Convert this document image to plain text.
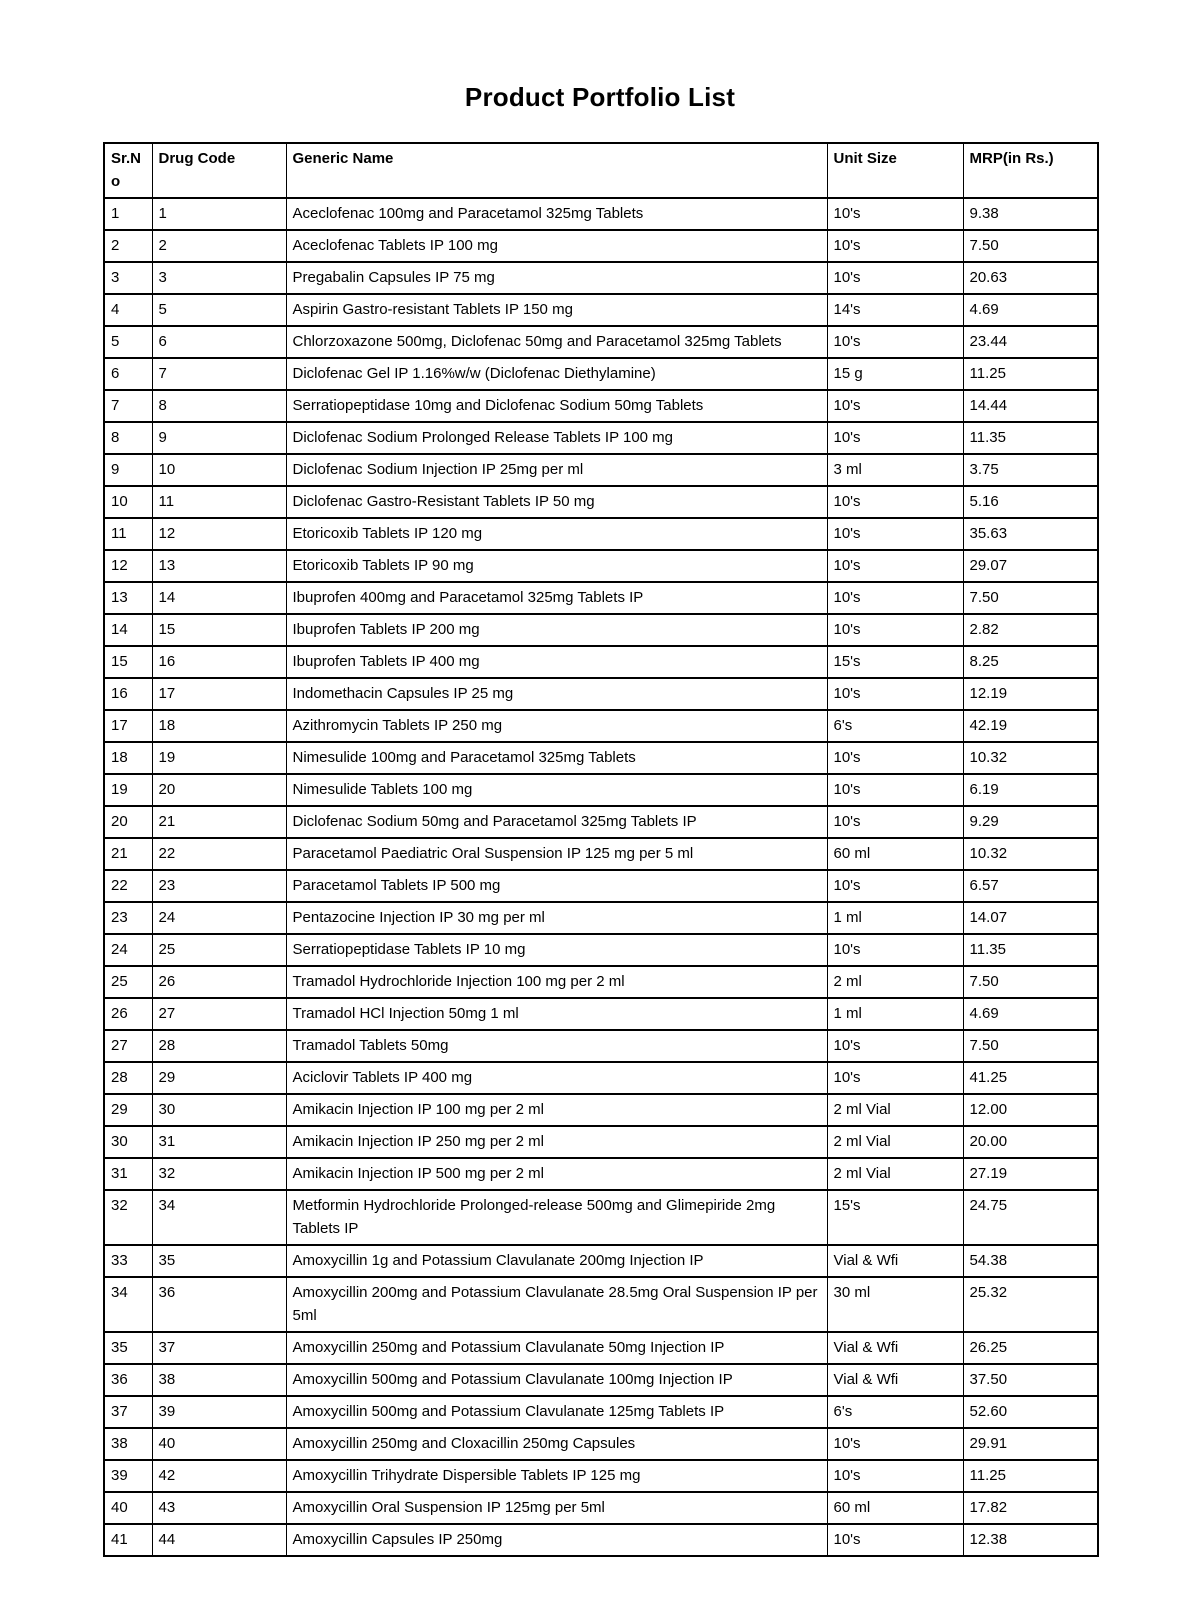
Product Portfolio List
Sr.No	Drug Code	Generic Name	Unit Size	MRP(in Rs.)
1	1	Aceclofenac 100mg and Paracetamol 325mg Tablets	10's	9.38
2	2	Aceclofenac Tablets IP 100 mg	10's	7.50
3	3	Pregabalin Capsules IP 75 mg	10's	20.63
4	5	Aspirin Gastro-resistant Tablets IP 150 mg	14's	4.69
5	6	Chlorzoxazone 500mg, Diclofenac 50mg and Paracetamol 325mg Tablets	10's	23.44
6	7	Diclofenac Gel IP 1.16%w/w (Diclofenac Diethylamine)	15 g	11.25
7	8	Serratiopeptidase 10mg and Diclofenac Sodium 50mg Tablets	10's	14.44
8	9	Diclofenac Sodium Prolonged Release Tablets IP 100 mg	10's	11.35
9	10	Diclofenac Sodium Injection IP 25mg per ml	3 ml	3.75
10	11	Diclofenac Gastro-Resistant Tablets IP 50 mg	10's	5.16
11	12	Etoricoxib Tablets IP 120 mg	10's	35.63
12	13	Etoricoxib Tablets IP 90 mg	10's	29.07
13	14	Ibuprofen 400mg and Paracetamol 325mg Tablets IP	10's	7.50
14	15	Ibuprofen Tablets IP 200 mg	10's	2.82
15	16	Ibuprofen Tablets IP 400 mg	15's	8.25
16	17	Indomethacin Capsules IP 25 mg	10's	12.19
17	18	Azithromycin Tablets IP 250 mg	6's	42.19
18	19	Nimesulide 100mg and Paracetamol 325mg Tablets	10's	10.32
19	20	Nimesulide Tablets 100 mg	10's	6.19
20	21	Diclofenac Sodium 50mg and Paracetamol 325mg Tablets IP	10's	9.29
21	22	Paracetamol Paediatric Oral Suspension IP 125 mg per 5 ml	60 ml	10.32
22	23	Paracetamol Tablets IP 500 mg	10's	6.57
23	24	Pentazocine Injection IP 30 mg per ml	1 ml	14.07
24	25	Serratiopeptidase Tablets IP 10 mg	10's	11.35
25	26	Tramadol Hydrochloride Injection 100 mg per 2 ml	2 ml	7.50
26	27	Tramadol HCl Injection 50mg 1 ml	1 ml	4.69
27	28	Tramadol Tablets 50mg	10's	7.50
28	29	Aciclovir Tablets IP 400 mg	10's	41.25
29	30	Amikacin Injection IP 100 mg per 2 ml	2 ml Vial	12.00
30	31	Amikacin Injection IP 250 mg per 2 ml	2 ml Vial	20.00
31	32	Amikacin Injection IP 500 mg per 2 ml	2 ml Vial	27.19
32	34	Metformin Hydrochloride Prolonged-release 500mg and Glimepiride 2mg Tablets IP	15's	24.75
33	35	Amoxycillin 1g and Potassium Clavulanate 200mg Injection IP	Vial & Wfi	54.38
34	36	Amoxycillin 200mg and Potassium Clavulanate 28.5mg Oral Suspension IP per 5ml	30 ml	25.32
35	37	Amoxycillin 250mg and Potassium Clavulanate 50mg Injection IP	Vial & Wfi	26.25
36	38	Amoxycillin 500mg and Potassium Clavulanate 100mg Injection IP	Vial & Wfi	37.50
37	39	Amoxycillin 500mg and Potassium Clavulanate 125mg Tablets IP	6's	52.60
38	40	Amoxycillin 250mg and Cloxacillin 250mg Capsules	10's	29.91
39	42	Amoxycillin Trihydrate Dispersible Tablets IP 125 mg	10's	11.25
40	43	Amoxycillin Oral Suspension IP 125mg per 5ml	60 ml	17.82
41	44	Amoxycillin Capsules IP 250mg	10's	12.38
